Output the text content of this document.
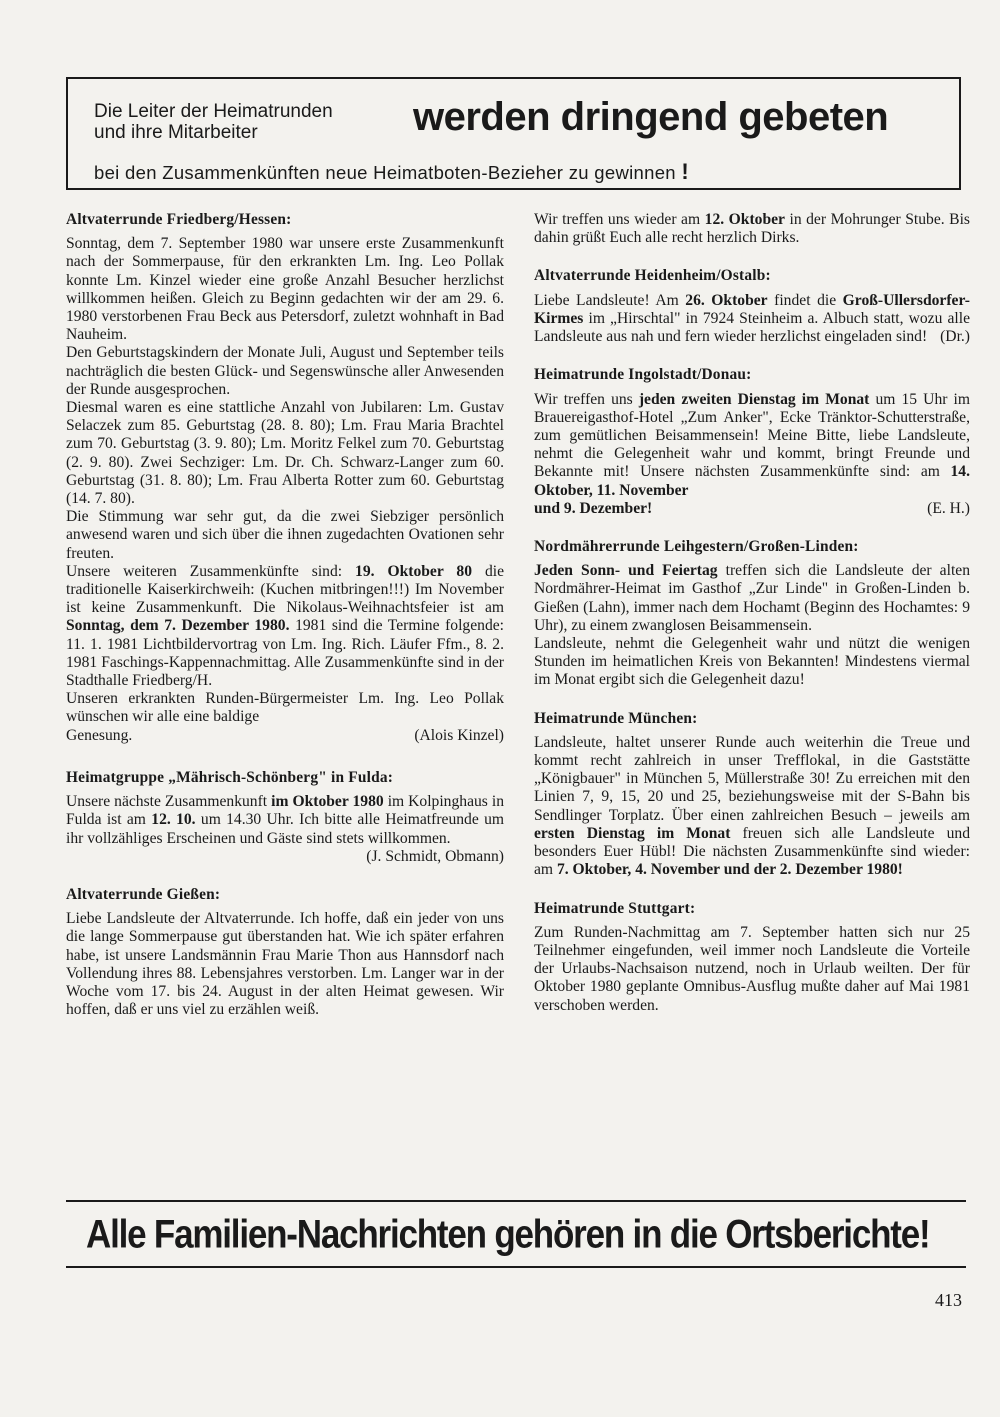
Die Leiter der Heimatrunden
und ihre Mitarbeiter	werden dringend gebeten
bei den Zusammenkünften neue Heimatboten-Bezieher zu gewinnen !
Altvaterrunde Friedberg/Hessen:

Sonntag, dem 7. September 1980 war unsere erste Zusammenkunft nach der Sommerpause, für den erkrankten Lm. Ing. Leo Pollak konnte Lm. Kinzel wieder eine große Anzahl Besucher herzlichst willkommen heißen. Gleich zu Beginn gedachten wir der am 29. 6. 1980 verstorbenen Frau Beck aus Petersdorf, zuletzt wohnhaft in Bad Nauheim.

Den Geburtstagskindern der Monate Juli, August und September teils nachträglich die besten Glück- und Segenswünsche aller Anwesenden der Runde ausgesprochen.

Diesmal waren es eine stattliche Anzahl von Jubilaren: Lm. Gustav Selaczek zum 85. Geburtstag (28. 8. 80); Lm. Frau Maria Brachtel zum 70. Geburtstag (3. 9. 80); Lm. Moritz Felkel zum 70. Geburtstag (2. 9. 80). Zwei Sechziger: Lm. Dr. Ch. Schwarz-Langer zum 60. Geburtstag (31. 8. 80); Lm. Frau Alberta Rotter zum 60. Geburtstag (14. 7. 80).

Die Stimmung war sehr gut, da die zwei Siebziger persönlich anwesend waren und sich über die ihnen zugedachten Ovationen sehr freuten.

Unsere weiteren Zusammenkünfte sind: 19. Oktober 80 die traditionelle Kaiserkirchweih: (Kuchen mitbringen!!!) Im November ist keine Zusammenkunft. Die Nikolaus-Weihnachtsfeier ist am Sonntag, dem 7. Dezember 1980. 1981 sind die Termine folgende: 11. 1. 1981 Lichtbildervortrag von Lm. Ing. Rich. Läufer Ffm., 8. 2. 1981 Faschings-Kappennachmittag. Alle Zusammenkünfte sind in der Stadthalle Friedberg/H.

Unseren erkrankten Runden-Bürgermeister Lm. Ing. Leo Pollak wünschen wir alle eine baldige

Genesung.	(Alois Kinzel)
Heimatgruppe „Mährisch-Schönberg" in Fulda:

Unsere nächste Zusammenkunft im Oktober 1980 im Kolpinghaus in Fulda ist am 12. 10. um 14.30 Uhr. Ich bitte alle Heimatfreunde um ihr vollzähliges Erscheinen und Gäste sind stets willkommen.

(J. Schmidt, Obmann)

Altvaterrunde Gießen:

Liebe Landsleute der Altvaterrunde. Ich hoffe, daß ein jeder von uns die lange Sommerpause gut überstanden hat. Wie ich später erfahren habe, ist unsere Landsmännin Frau Marie Thon aus Hannsdorf nach Vollendung ihres 88. Lebensjahres verstorben. Lm. Langer war in der Woche vom 17. bis 24. August in der alten Heimat gewesen. Wir hoffen, daß er uns viel zu erzählen weiß.

Wir treffen uns wieder am 12. Oktober in der Mohrunger Stube. Bis dahin grüßt Euch alle recht herzlich Dirks.

Altvaterrunde Heidenheim/Ostalb:

Liebe Landsleute! Am 26. Oktober findet die Groß-Ullersdorfer-Kirmes im „Hirschtal" in 7924 Steinheim a. Albuch statt, wozu alle Landsleute aus nah und fern wieder herzlichst eingeladen sind! (Dr.)

Heimatrunde Ingolstadt/Donau:

Wir treffen uns jeden zweiten Dienstag im Monat um 15 Uhr im Brauereigasthof-Hotel „Zum Anker", Ecke Tränktor-Schutterstraße, zum gemütlichen Beisammensein! Meine Bitte, liebe Landsleute, nehmt die Gelegenheit wahr und kommt, bringt Freunde und Bekannte mit! Unsere nächsten Zusammenkünfte sind: am 14. Oktober, 11. November

und 9. Dezember!	(E. H.)
Nordmährerrunde Leihgestern/Großen-Linden:

Jeden Sonn- und Feiertag treffen sich die Landsleute der alten Nordmährer-Heimat im Gasthof „Zur Linde" in Großen-Linden b. Gießen (Lahn), immer nach dem Hochamt (Beginn des Hochamtes: 9 Uhr), zu einem zwanglosen Beisammensein.

Landsleute, nehmt die Gelegenheit wahr und nützt die wenigen Stunden im heimatlichen Kreis von Bekannten! Mindestens viermal im Monat ergibt sich die Gelegenheit dazu!

Heimatrunde München:

Landsleute, haltet unserer Runde auch weiterhin die Treue und kommt recht zahlreich in unser Trefflokal, in die Gaststätte „Königbauer" in München 5, Müllerstraße 30! Zu erreichen mit den Linien 7, 9, 15, 20 und 25, beziehungsweise mit der S-Bahn bis Sendlinger Torplatz. Über einen zahlreichen Besuch – jeweils am ersten Dienstag im Monat freuen sich alle Landsleute und besonders Euer Hübl! Die nächsten Zusammenkünfte sind wieder: am 7. Oktober, 4. November und der 2. Dezember 1980!

Heimatrunde Stuttgart:

Zum Runden-Nachmittag am 7. September hatten sich nur 25 Teilnehmer eingefunden, weil immer noch Landsleute die Vorteile der Urlaubs-Nachsaison nutzend, noch in Urlaub weilten. Der für Oktober 1980 geplante Omnibus-Ausflug mußte daher auf Mai 1981 verschoben werden.

Alle Familien-Nachrichten gehören in die Ortsberichte!
413
